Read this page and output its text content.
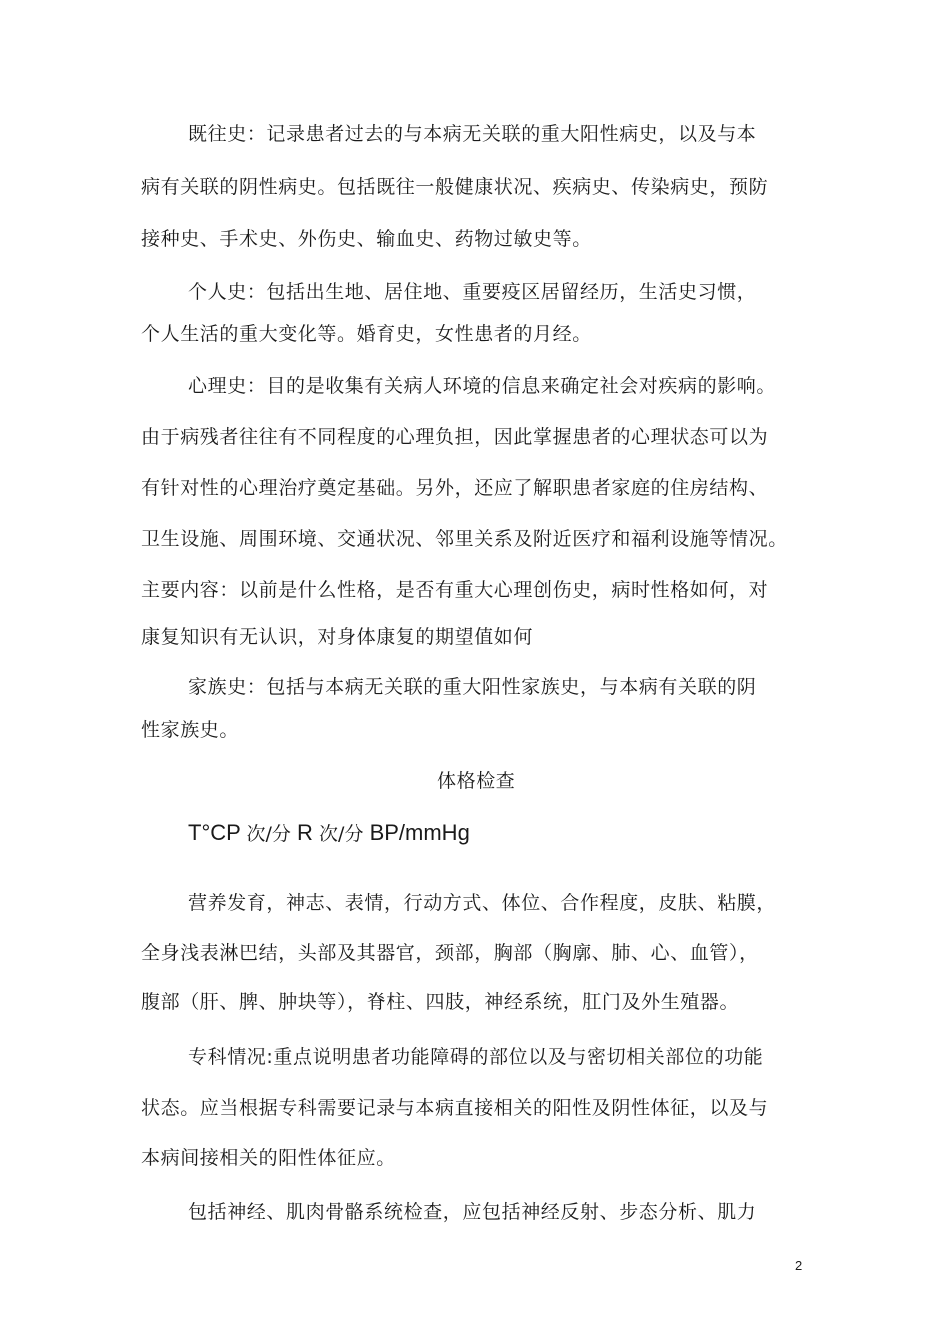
既往史：记录患者过去的与本病无关联的重大阳性病史，以及与本
病有关联的阴性病史。包括既往一般健康状况、疾病史、传染病史，预防
接种史、手术史、外伤史、输血史、药物过敏史等。
个人史：包括出生地、居住地、重要疫区居留经历，生活史习惯，
个人生活的重大变化等。婚育史，女性患者的月经。
心理史：目的是收集有关病人环境的信息来确定社会对疾病的影响。
由于病残者往往有不同程度的心理负担，因此掌握患者的心理状态可以为
有针对性的心理治疗奠定基础。另外，还应了解职患者家庭的住房结构、
卫生设施、周围环境、交通状况、邻里关系及附近医疗和福利设施等情况。
主要内容：以前是什么性格，是否有重大心理创伤史，病时性格如何，对
康复知识有无认识，对身体康复的期望值如何
家族史：包括与本病无关联的重大阳性家族史，与本病有关联的阴
性家族史。
体格检查
T°CP 次/分 R 次/分 BP/mmHg
营养发育，神志、表情，行动方式、体位、合作程度，皮肤、粘膜，
全身浅表淋巴结，头部及其器官，颈部，胸部（胸廓、肺、心、血管），
腹部（肝、脾、肿块等），脊柱、四肢，神经系统，肛门及外生殖器。
专科情况:重点说明患者功能障碍的部位以及与密切相关部位的功能
状态。应当根据专科需要记录与本病直接相关的阳性及阴性体征，以及与
本病间接相关的阳性体征应。
包括神经、肌肉骨骼系统检查，应包括神经反射、步态分析、肌力
2
